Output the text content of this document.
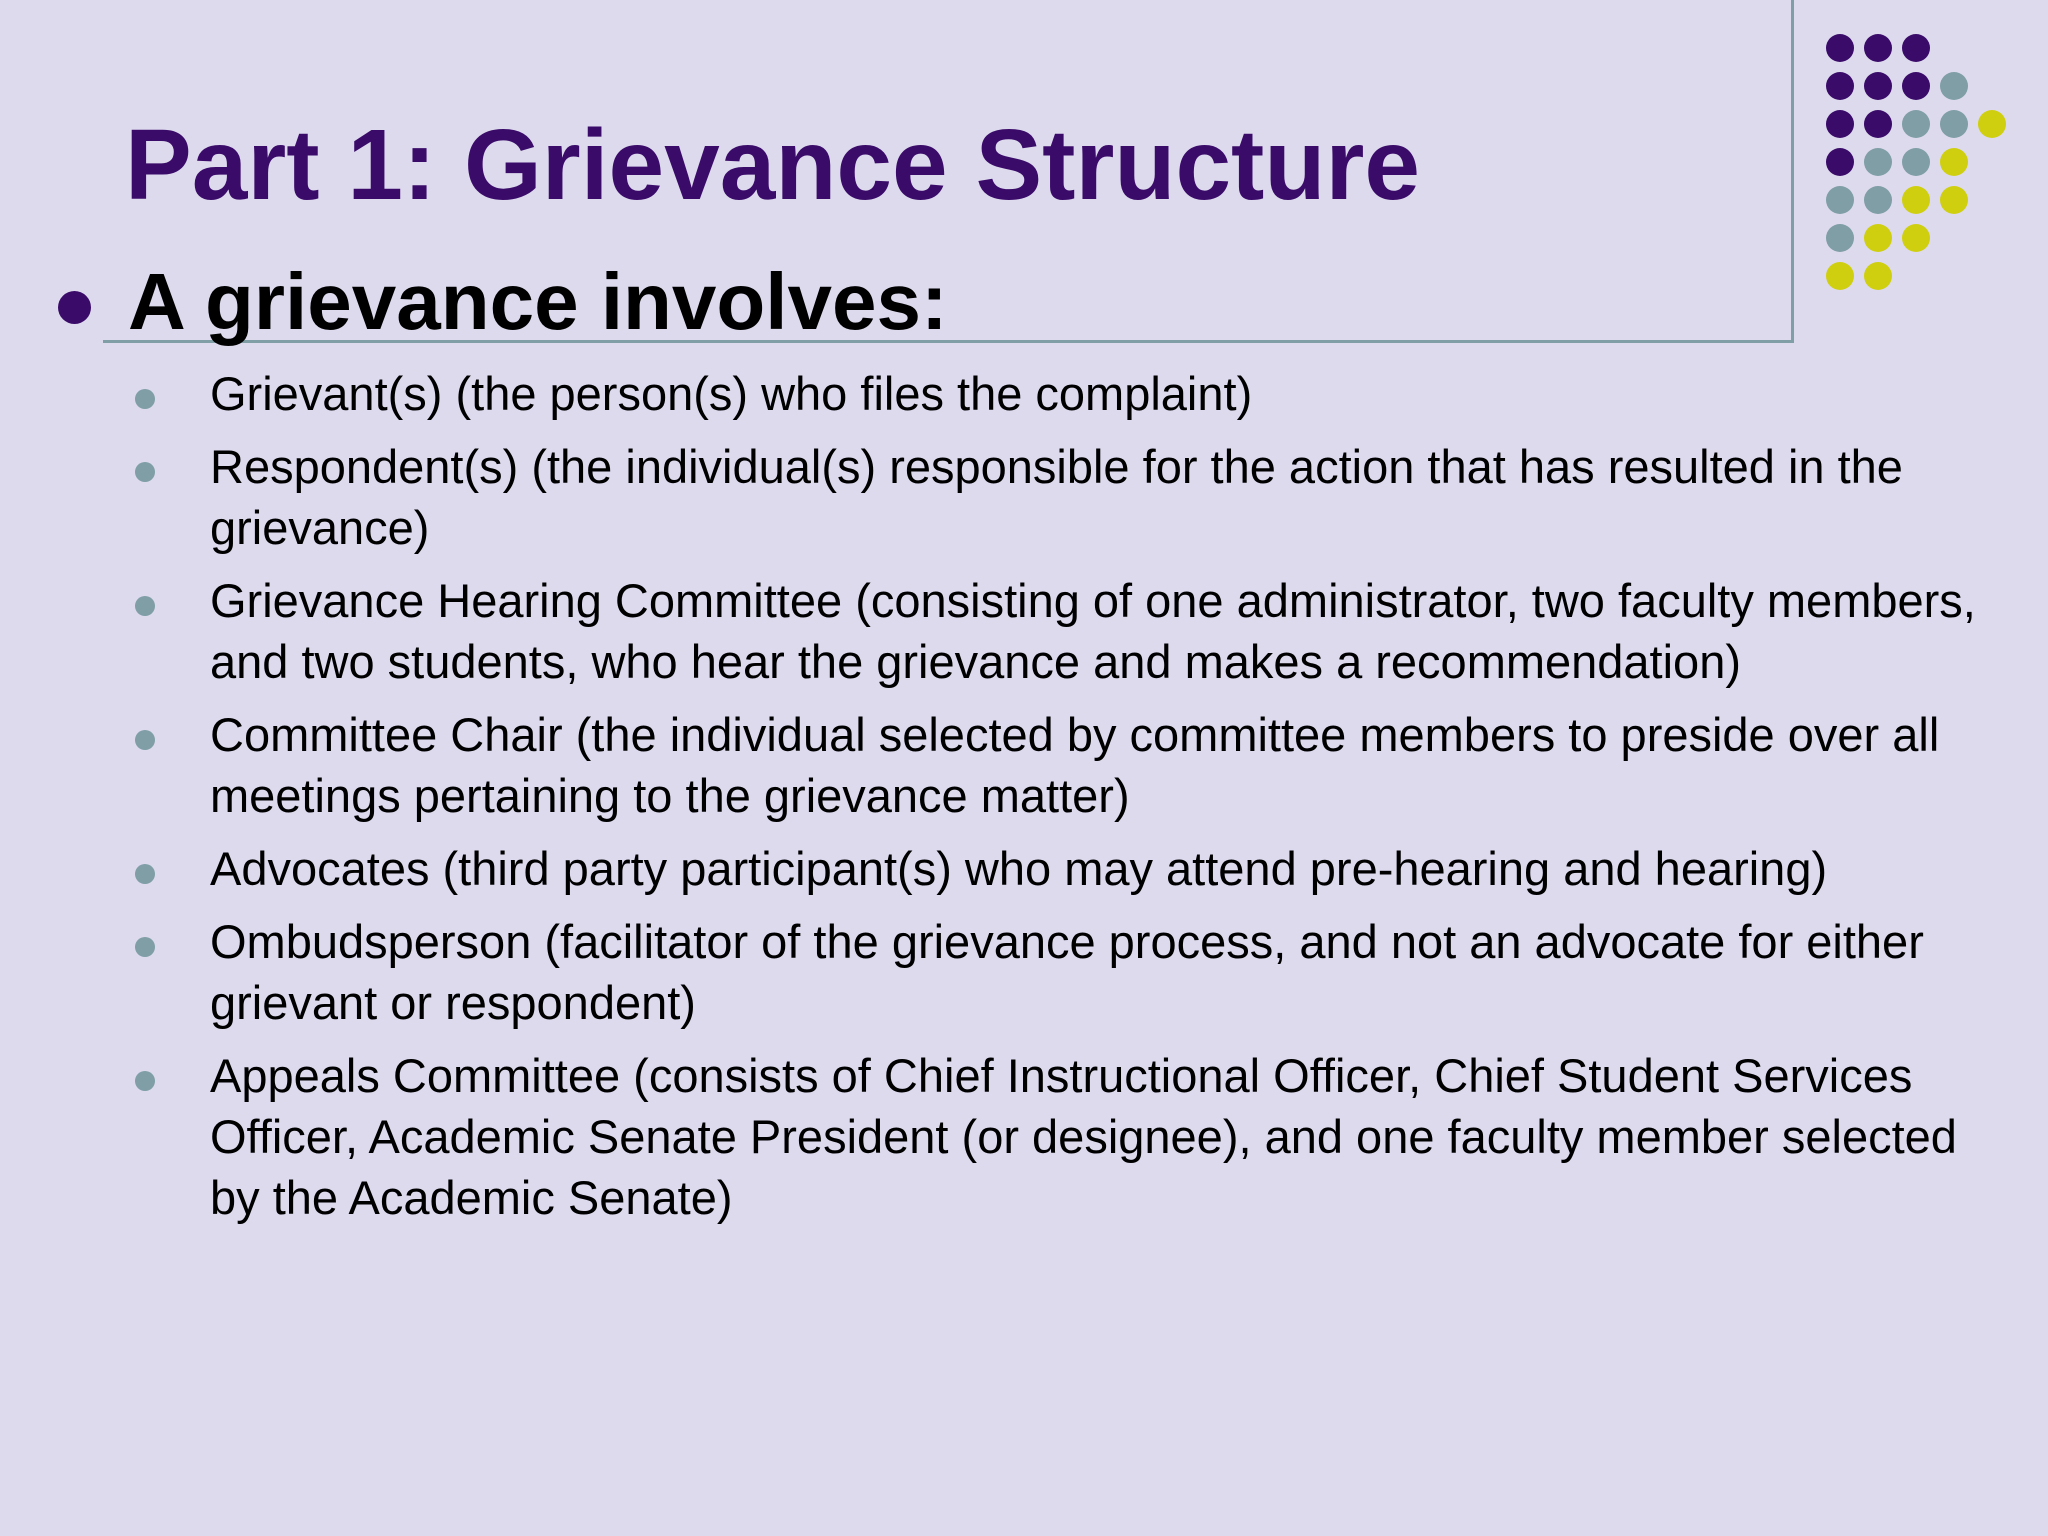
Part 1: Grievance Structure
A grievance involves:
Grievant(s) (the person(s) who files the complaint)
Respondent(s) (the individual(s) responsible for the action that has resulted in the grievance)
Grievance Hearing Committee (consisting of one administrator, two faculty members, and two students, who hear the grievance and makes a recommendation)
Committee Chair (the individual selected by committee members to preside over all meetings pertaining to the grievance matter)
Advocates (third party participant(s) who may attend pre-hearing and hearing)
Ombudsperson (facilitator of the grievance process, and not an advocate for either grievant or respondent)
Appeals Committee (consists of Chief Instructional Officer, Chief Student Services Officer, Academic Senate President (or designee), and one faculty member selected by the Academic Senate)
